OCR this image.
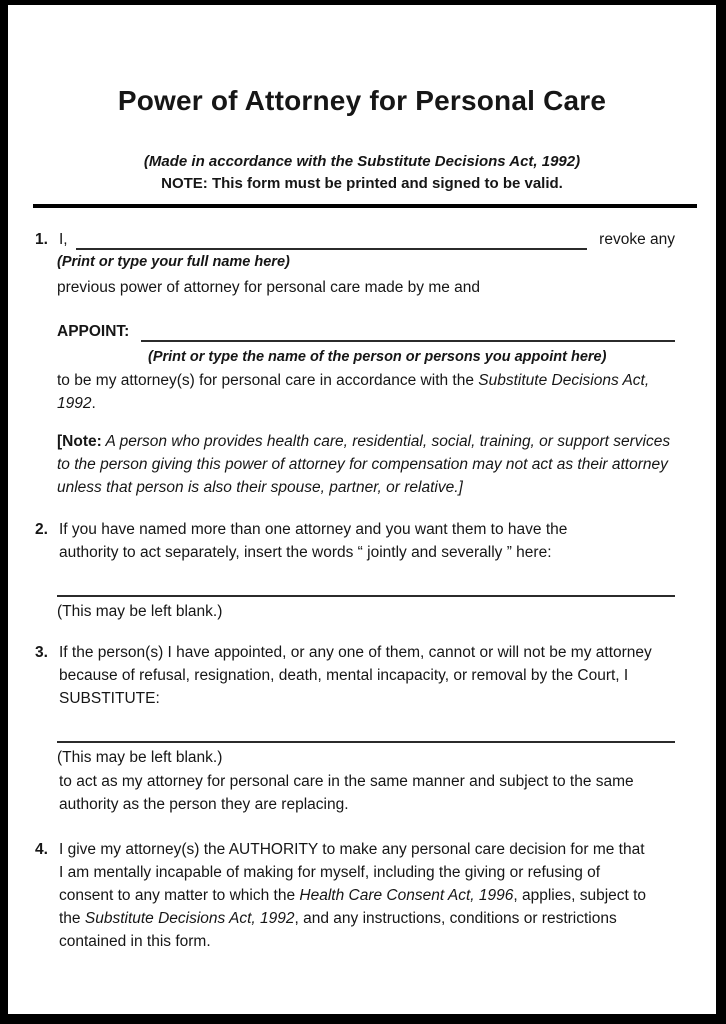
Power of Attorney for Personal Care
(Made in accordance with the Substitute Decisions Act, 1992)
NOTE: This form must be printed and signed to be valid.
1. I,	revoke any
(Print or type your full name here)
previous power of attorney for personal care made by me and
APPOINT:
(Print or type the name of the person or persons you appoint here)
to be my attorney(s) for personal care in accordance with the Substitute Decisions Act, 1992.
[Note: A person who provides health care, residential, social, training, or support services to the person giving this power of attorney for compensation may not act as their attorney unless that person is also their spouse, partner, or relative.]
2. If you have named more than one attorney and you want them to have the authority to act separately, insert the words “ jointly and severally ” here:
(This may be left blank.)
3. If the person(s) I have appointed, or any one of them, cannot or will not be my attorney because of refusal, resignation, death, mental incapacity, or removal by the Court, I SUBSTITUTE:
(This may be left blank.)
to act as my attorney for personal care in the same manner and subject to the same authority as the person they are replacing.
4. I give my attorney(s) the AUTHORITY to make any personal care decision for me that I am mentally incapable of making for myself, including the giving or refusing of consent to any matter to which the Health Care Consent Act, 1996, applies, subject to the Substitute Decisions Act, 1992, and any instructions, conditions or restrictions contained in this form.
